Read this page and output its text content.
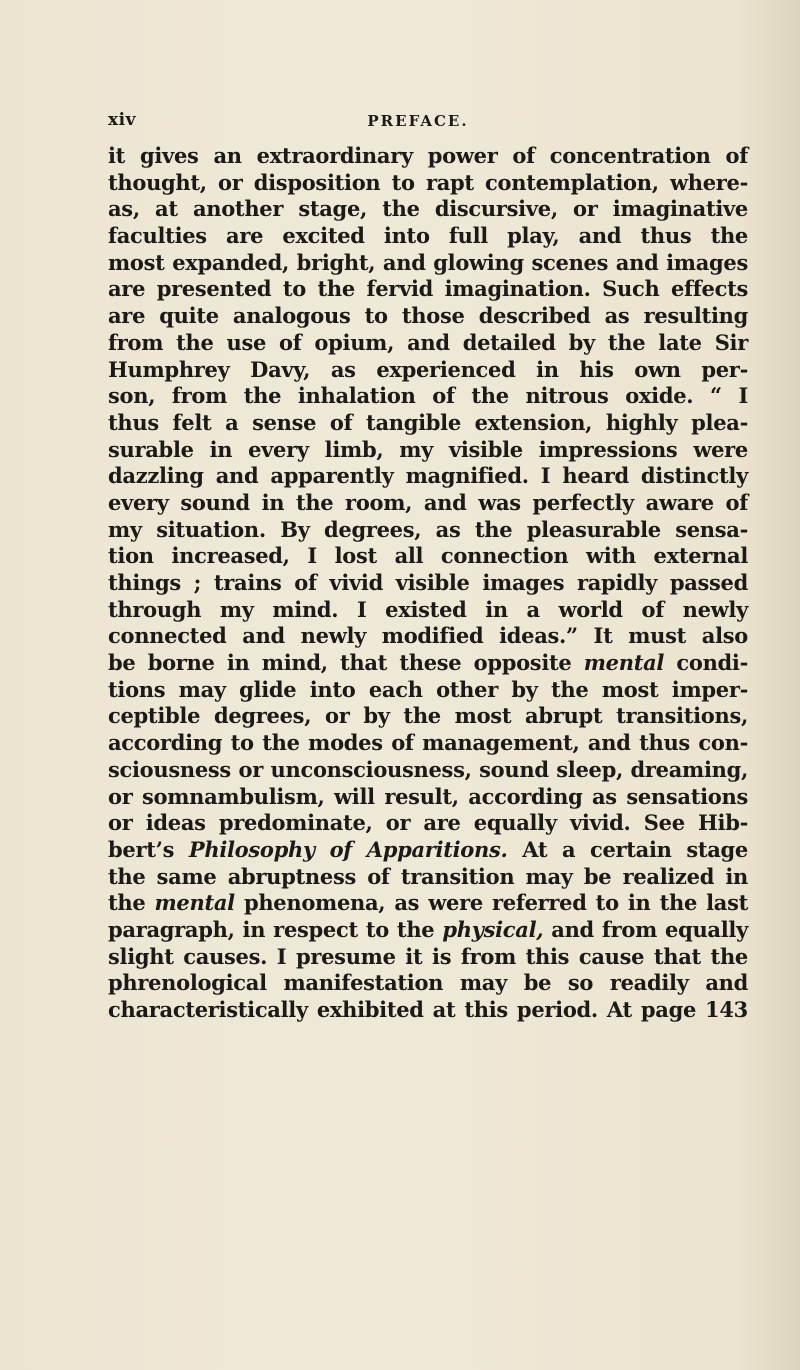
xiv	PREFACE.
it gives an extraordinary power of concentration of
thought, or disposition to rapt contemplation, where-
as, at another stage, the discursive, or imaginative
faculties are excited into full play, and thus the
most expanded, bright, and glowing scenes and images
are presented to the fervid imagination. Such effects
are quite analogous to those described as resulting
from the use of opium, and detailed by the late Sir
Humphrey Davy, as experienced in his own per-
son, from the inhalation of the nitrous oxide. “ I
thus felt a sense of tangible extension, highly plea-
surable in every limb, my visible impressions were
dazzling and apparently magnified. I heard distinctly
every sound in the room, and was perfectly aware of
my situation. By degrees, as the pleasurable sensa-
tion increased, I lost all connection with external
things ; trains of vivid visible images rapidly passed
through my mind. I existed in a world of newly
connected and newly modified ideas.” It must also
be borne in mind, that these opposite mental condi-
tions may glide into each other by the most imper-
ceptible degrees, or by the most abrupt transitions,
according to the modes of management, and thus con-
sciousness or unconsciousness, sound sleep, dreaming,
or somnambulism, will result, according as sensations
or ideas predominate, or are equally vivid. See Hib-
bert’s Philosophy of Apparitions. At a certain stage
the same abruptness of transition may be realized in
the mental phenomena, as were referred to in the last
paragraph, in respect to the physical, and from equally
slight causes. I presume it is from this cause that the
phrenological manifestation may be so readily and
characteristically exhibited at this period. At page 143
